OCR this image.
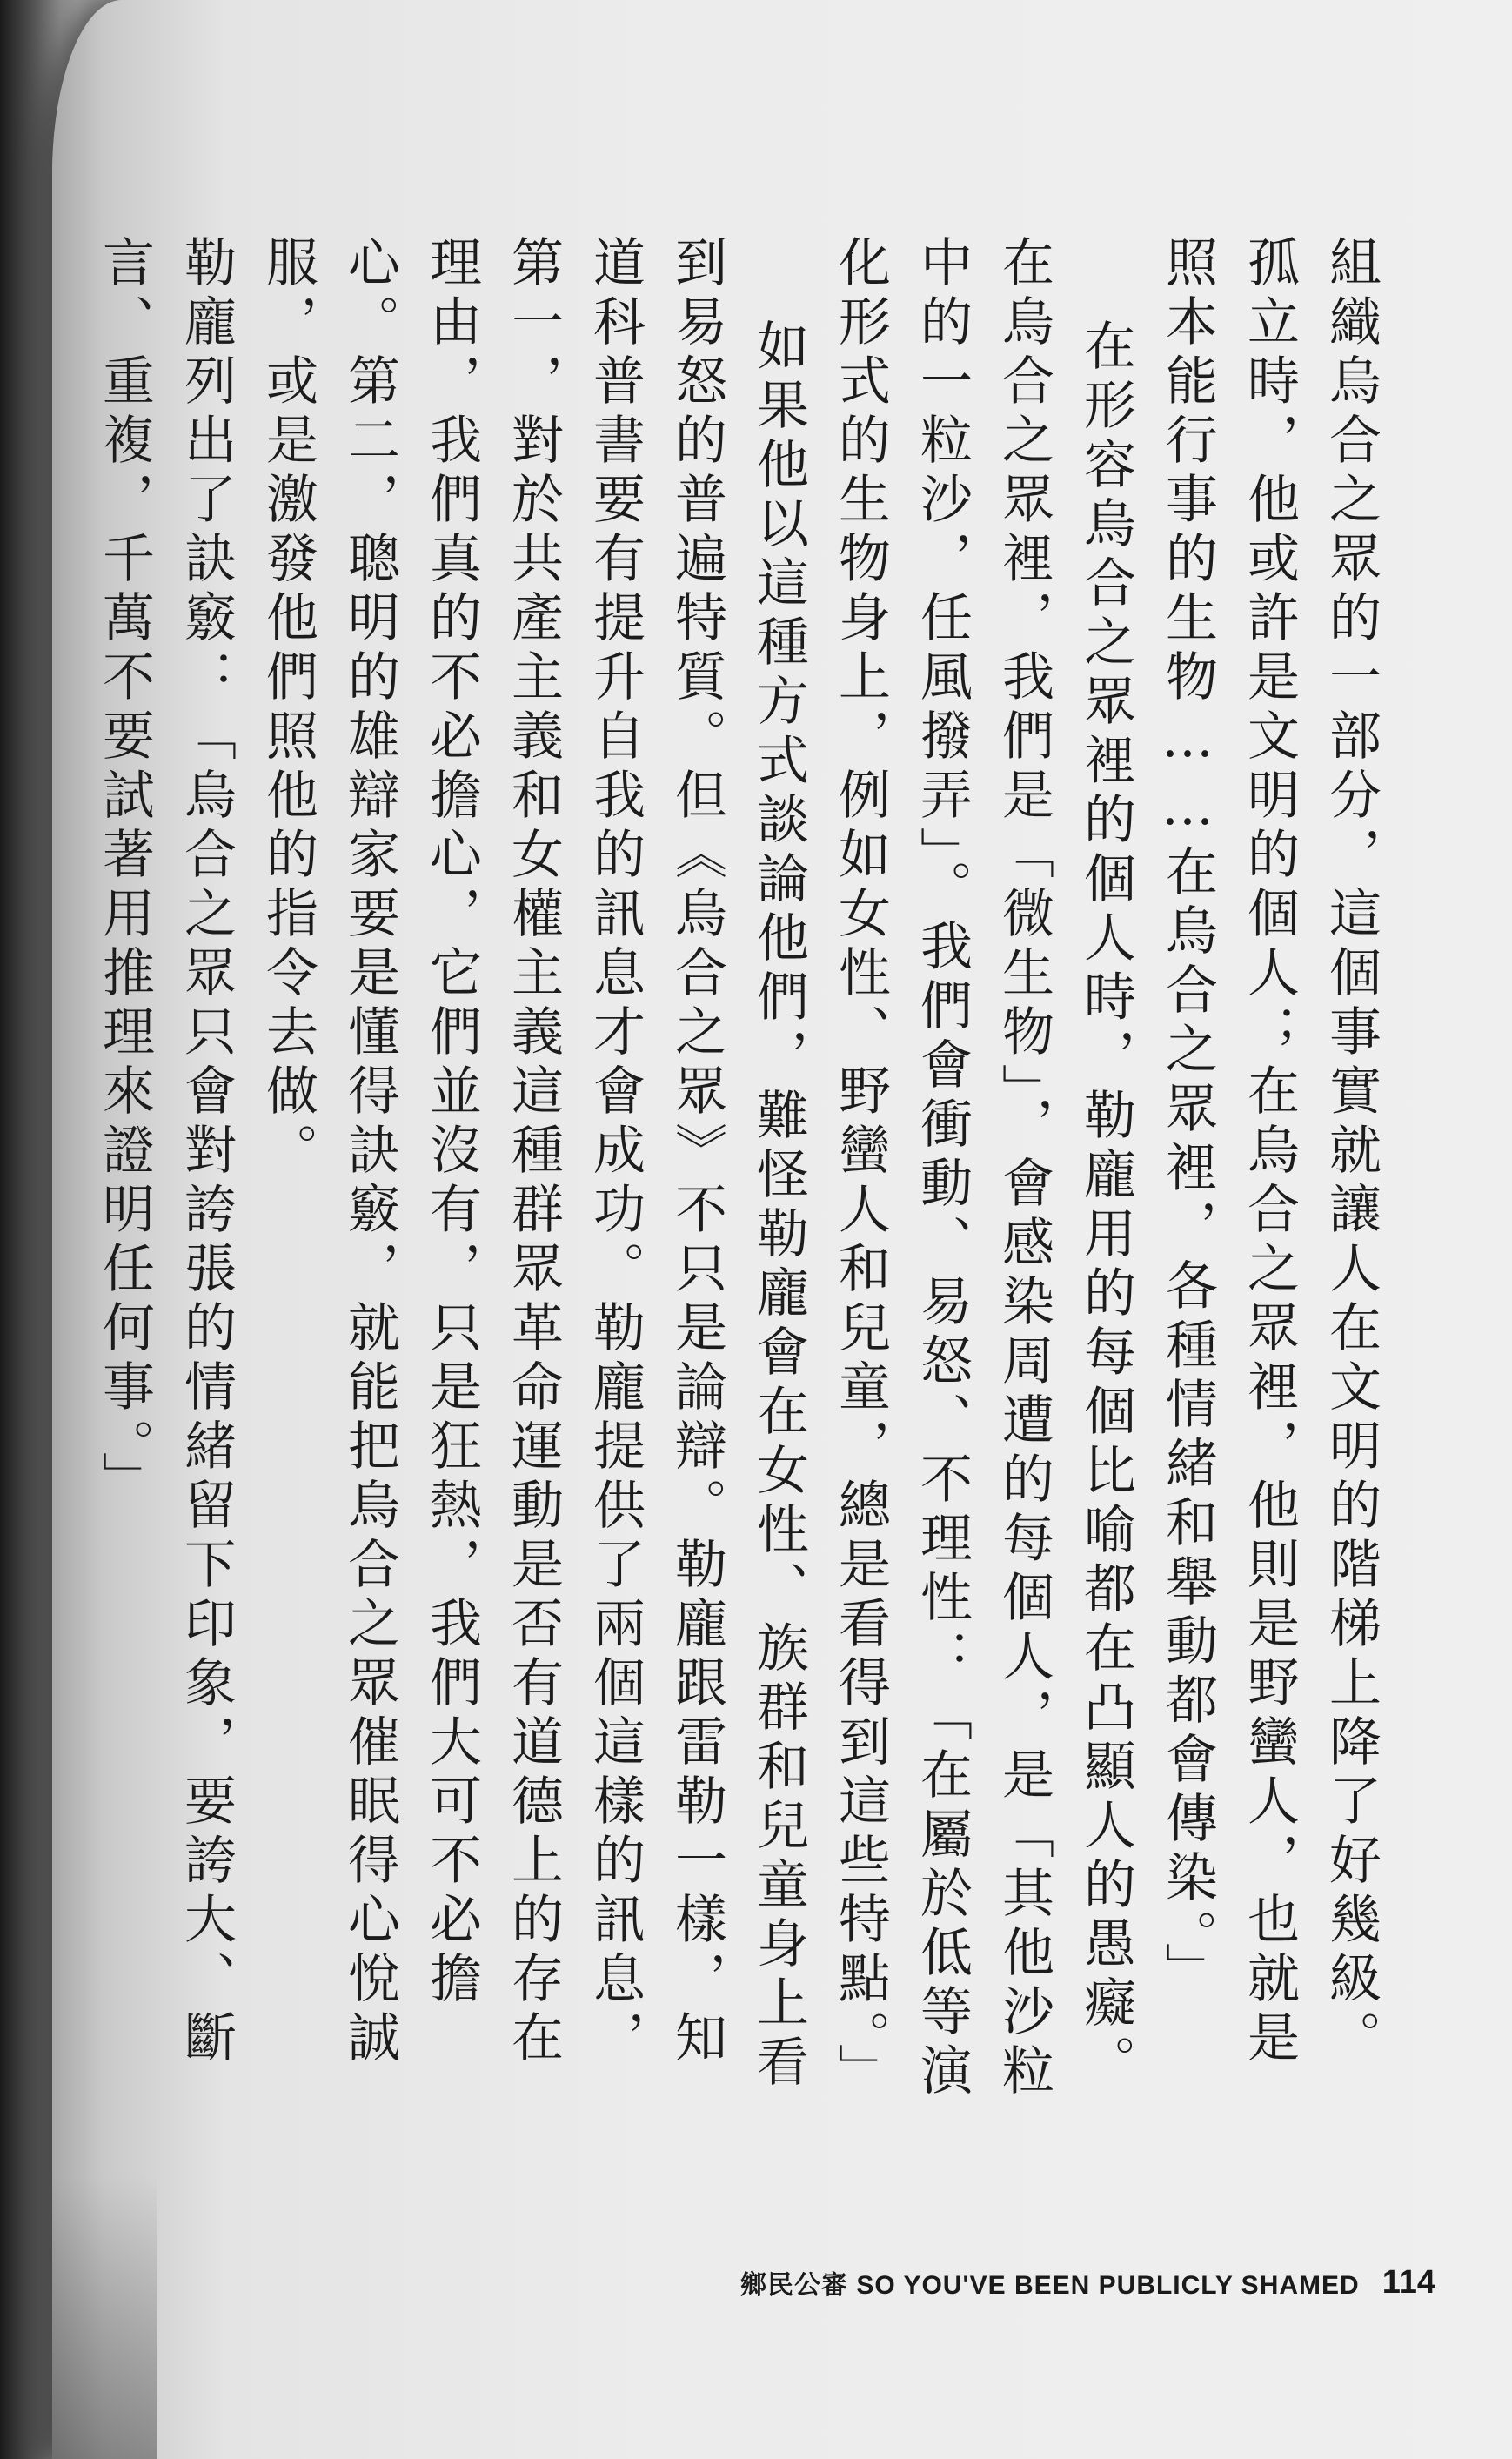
組織烏合之眾的一部分，這個事實就讓人在文明的階梯上降了好幾級。孤立時，他或許是文明的個人；在烏合之眾裡，他則是野蠻人，也就是照本能行事的生物……在烏合之眾裡，各種情緒和舉動都會傳染。」

在形容烏合之眾裡的個人時，勒龐用的每個比喻都在凸顯人的愚癡。在烏合之眾裡，我們是「微生物」，會感染周遭的每個人，是「其他沙粒中的一粒沙，任風撥弄」。我們會衝動、易怒、不理性：「在屬於低等演化形式的生物身上，例如女性、野蠻人和兒童，總是看得到這些特點。」

如果他以這種方式談論他們，難怪勒龐會在女性、族群和兒童身上看到易怒的普遍特質。但《烏合之眾》不只是論辯。勒龐跟雷勒一樣，知道科普書要有提升自我的訊息才會成功。勒龐提供了兩個這樣的訊息，第一，對於共產主義和女權主義這種群眾革命運動是否有道德上的存在理由，我們真的不必擔心，它們並沒有，只是狂熱，我們大可不必擔心。第二，聰明的雄辯家要是懂得訣竅，就能把烏合之眾催眠得心悅誠服，或是激發他們照他的指令去做。

勒龐列出了訣竅：「烏合之眾只會對誇張的情緒留下印象，要誇大、斷言、重複，千萬不要試著用推理來證明任何事。」

鄉民公審 SO YOU'VE BEEN PUBLICLY SHAMED 114
